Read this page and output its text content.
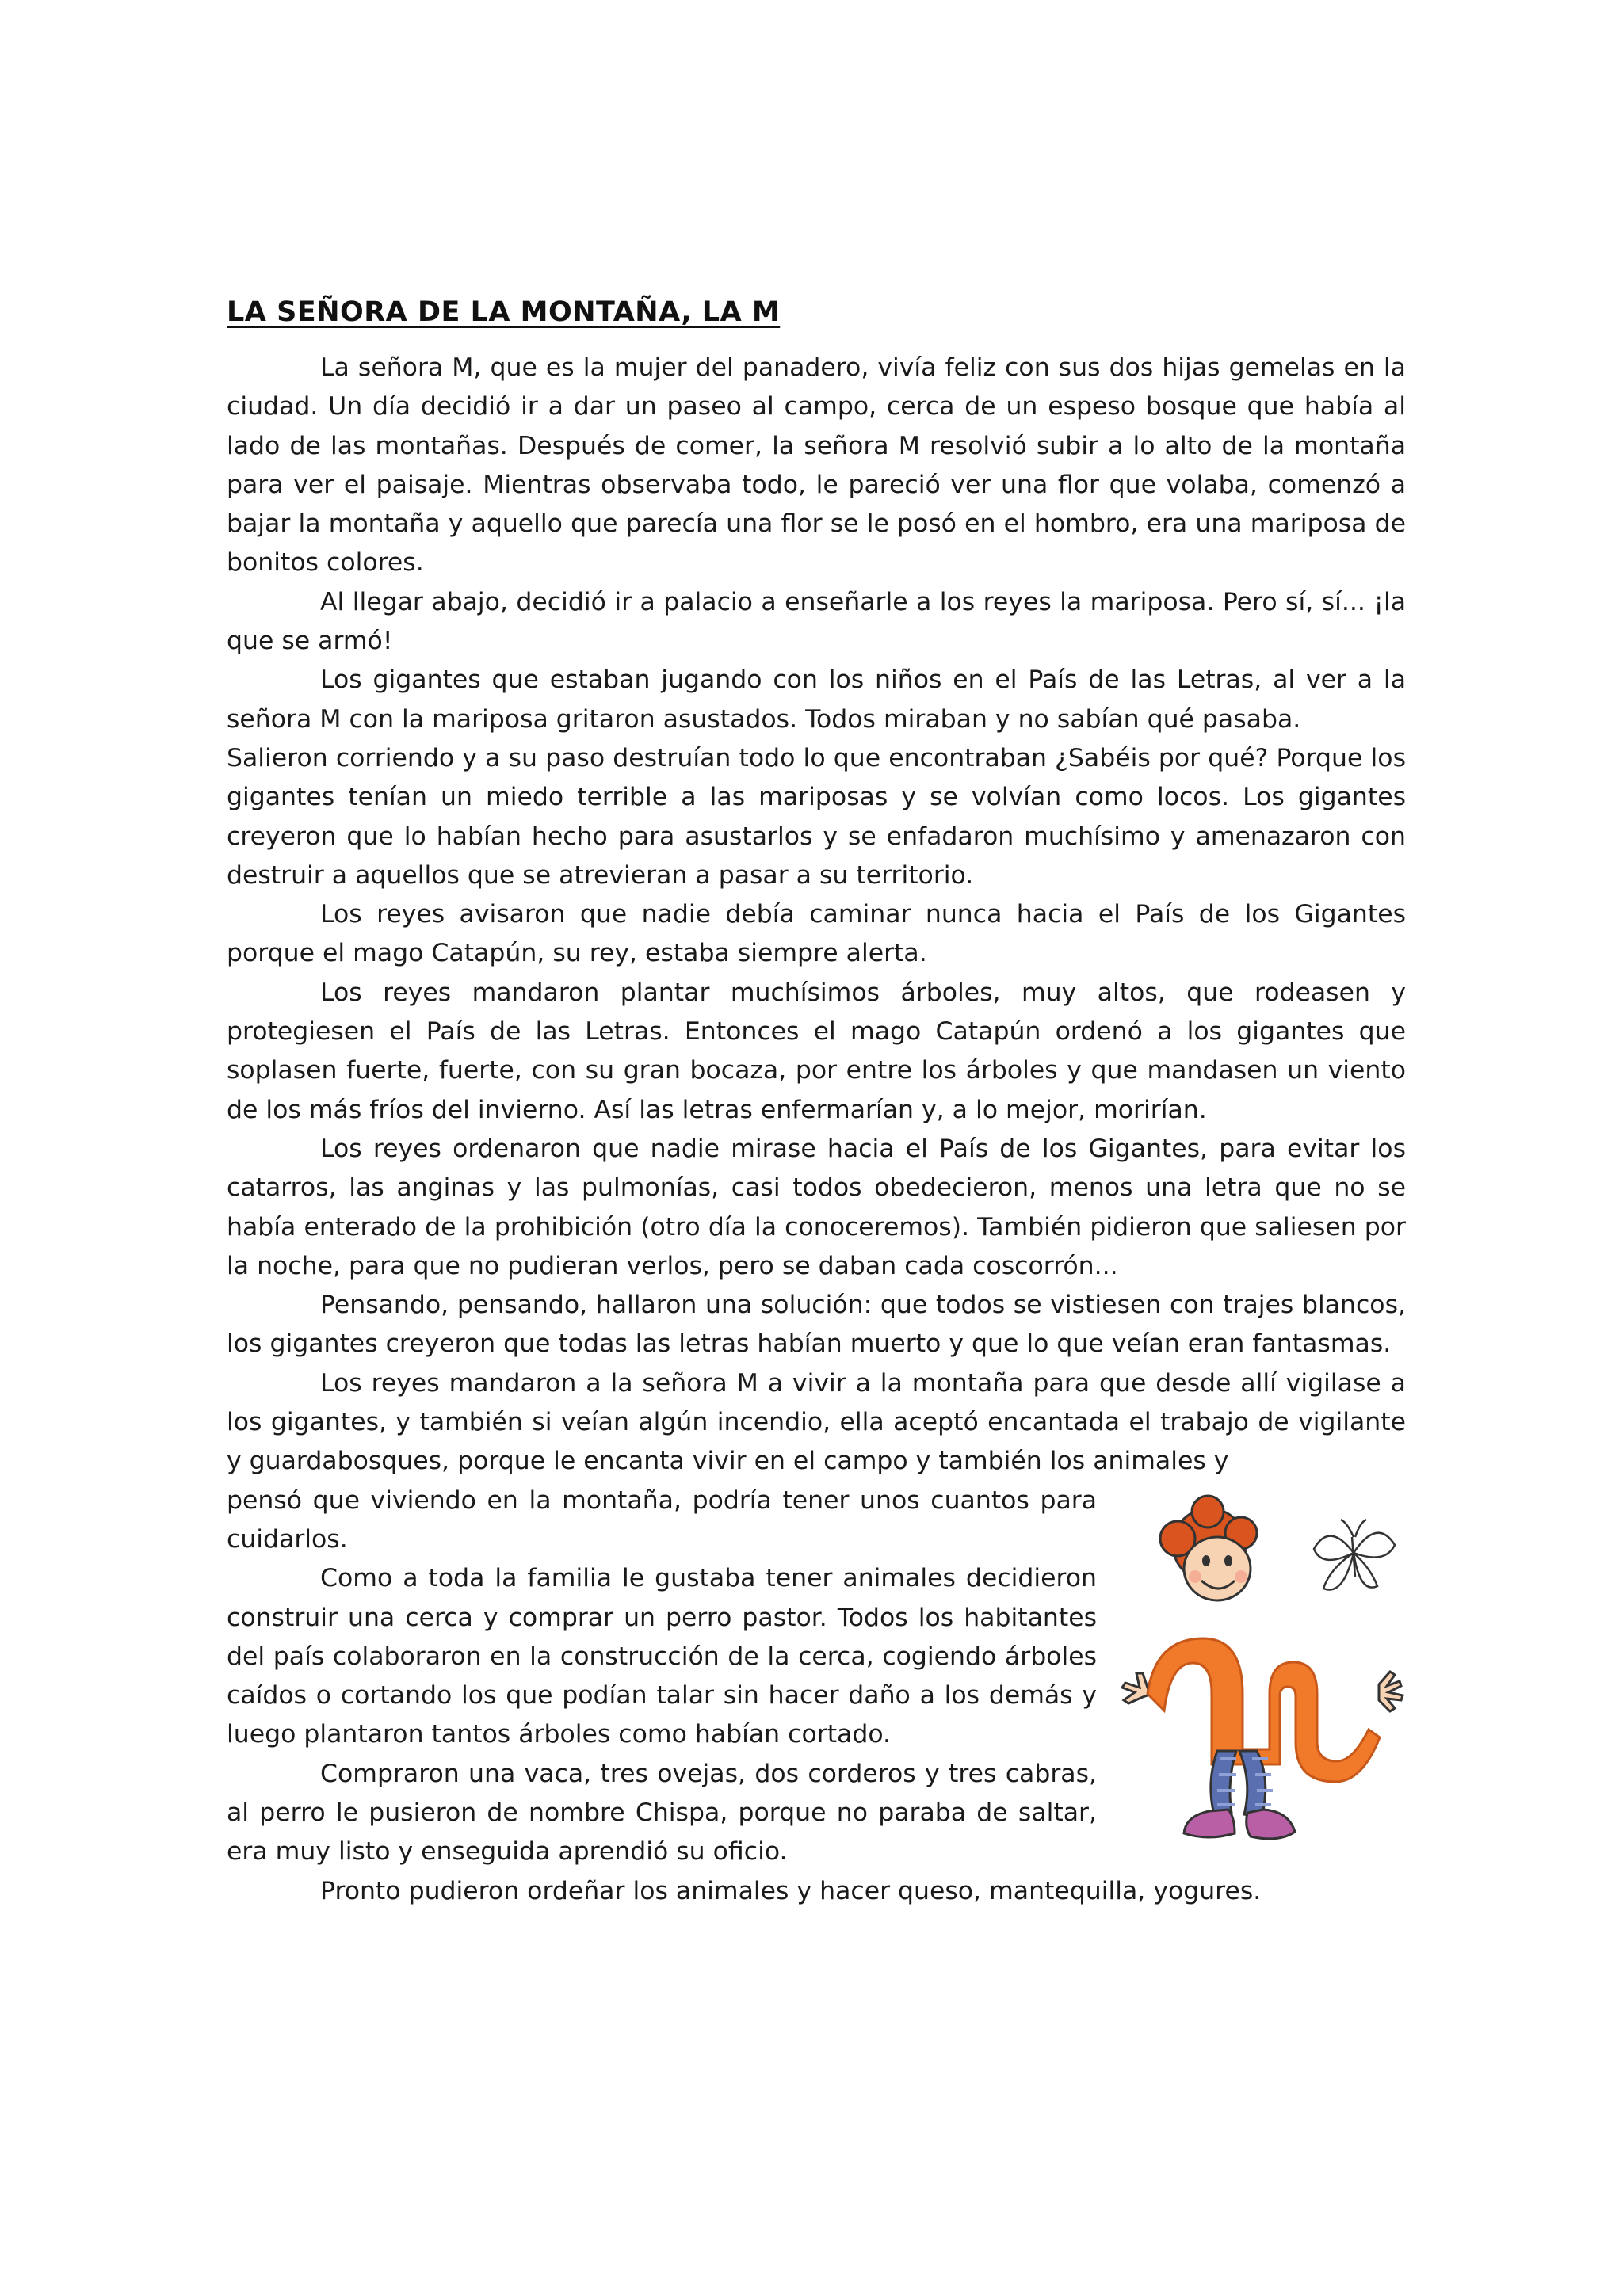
LA SEÑORA DE LA MONTAÑA, LA M

La señora M, que es la mujer del panadero, vivía feliz con sus dos hijas gemelas en la ciudad. Un día decidió ir a dar un paseo al campo, cerca de un espeso bosque que había al lado de las montañas. Después de comer, la señora M resolvió subir a lo alto de la montaña para ver el paisaje. Mientras observaba todo, le pareció ver una flor que volaba, comenzó a bajar la montaña y aquello que parecía una flor se le posó en el hombro, era una mariposa de bonitos colores.

Al llegar abajo, decidió ir a palacio a enseñarle a los reyes la mariposa. Pero sí, sí... ¡la que se armó!

Los gigantes que estaban jugando con los niños en el País de las Letras, al ver a la señora M con la mariposa gritaron asustados. Todos miraban y no sabían qué pasaba.

Salieron corriendo y a su paso destruían todo lo que encontraban ¿Sabéis por qué? Porque los gigantes tenían un miedo terrible a las mariposas y se volvían como locos. Los gigantes creyeron que lo habían hecho para asustarlos y se enfadaron muchísimo y amenazaron con destruir a aquellos que se atrevieran a pasar a su territorio.

Los reyes avisaron que nadie debía caminar nunca hacia el País de los Gigantes porque el mago Catapún, su rey, estaba siempre alerta.

Los reyes mandaron plantar muchísimos árboles, muy altos, que rodeasen y protegiesen el País de las Letras. Entonces el mago Catapún ordenó a los gigantes que soplasen fuerte, fuerte, con su gran bocaza, por entre los árboles y que mandasen un viento de los más fríos del invierno. Así las letras enfermarían y, a lo mejor, morirían.

Los reyes ordenaron que nadie mirase hacia el País de los Gigantes, para evitar los catarros, las anginas y las pulmonías, casi todos obedecieron, menos una letra que no se había enterado de la prohibición (otro día la conoceremos). También pidieron que saliesen por la noche, para que no pudieran verlos, pero se daban cada coscorrón...

Pensando, pensando, hallaron una solución: que todos se vistiesen con trajes blancos, los gigantes creyeron que todas las letras habían muerto y que lo que veían eran fantasmas.

Los reyes mandaron a la señora M a vivir a la montaña para que desde allí vigilase a los gigantes, y también si veían algún incendio, ella aceptó encantada el trabajo de vigilante y guardabosques, porque le encanta vivir en el campo y también los animales y

pensó que viviendo en la montaña, podría tener unos cuantos para cuidarlos.

Como a toda la familia le gustaba tener animales decidieron construir una cerca y comprar un perro pastor. Todos los habitantes del país colaboraron en la construcción de la cerca, cogiendo árboles caídos o cortando los que podían talar sin hacer daño a los demás y luego plantaron tantos árboles como habían cortado.

Compraron una vaca, tres ovejas, dos corderos y tres cabras, al perro le pusieron de nombre Chispa, porque no paraba de saltar, era muy listo y enseguida aprendió su oficio.

Pronto pudieron ordeñar los animales y hacer queso, mantequilla, yogures.
